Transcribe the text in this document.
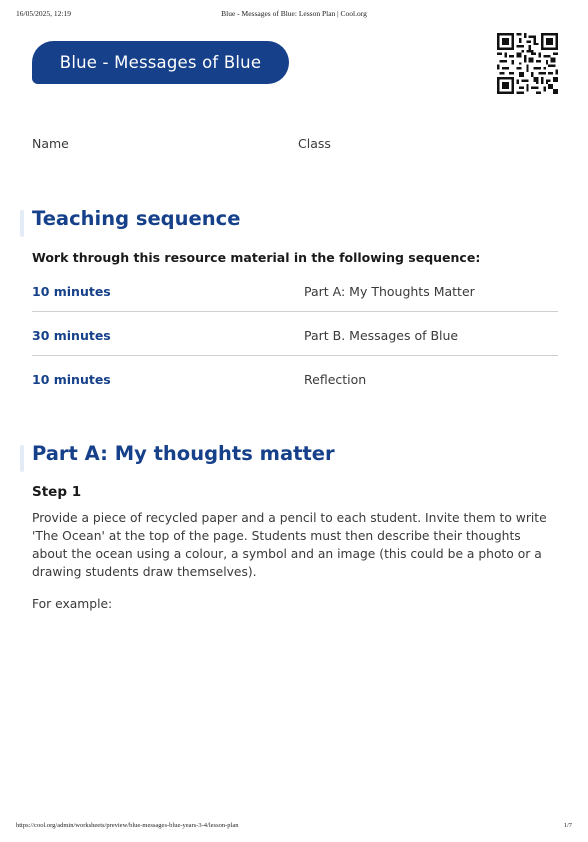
16/05/2025, 12:19	Blue - Messages of Blue: Lesson Plan | Cool.org
Blue - Messages of Blue
Name	Class
Teaching sequence
Work through this resource material in the following sequence:
10 minutes	Part A: My Thoughts Matter
30 minutes	Part B. Messages of Blue
10 minutes	Reflection
Part A: My thoughts matter
Step 1
Provide a piece of recycled paper and a pencil to each student. Invite them to write 'The Ocean' at the top of the page. Students must then describe their thoughts about the ocean using a colour, a symbol and an image (this could be a photo or a drawing students draw themselves).
For example:
https://cool.org/admin/worksheets/preview/blue-messages-blue-years-3-4/lesson-plan	1/7
